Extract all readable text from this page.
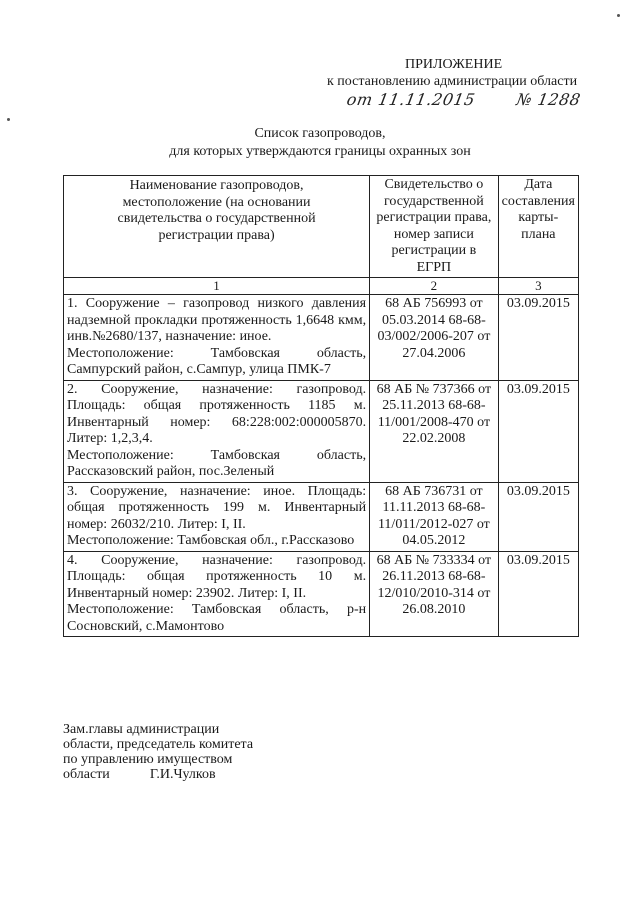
ПРИЛОЖЕНИЕ
к постановлению администрации области
от 11.11.2015 № 1288
Список газопроводов,
для которых утверждаются границы охранных зон
Наименование газопроводов, местоположение (на основании свидетельства о государственной регистрации права)	Свидетельство о государственной регистрации права, номер записи регистрации в ЕГРП	Дата составления карты-плана
1	2	3

1. Сооружение – газопровод низкого давления надземной прокладки протяженность 1,6648 кмм, инв.№2680/137, назначение: иное.
Местоположение: Тамбовская область, Сампурский район, с.Сампур, улица ПМК-7	68 АБ 756993 от 05.03.2014 68-68-03/002/2006-207 от 27.04.2006	03.09.2015

2. Сооружение, назначение: газопровод. Площадь: общая протяженность 1185 м. Инвентарный номер: 68:228:002:000005870. Литер: 1,2,3,4.
Местоположение: Тамбовская область, Рассказовский район, пос.Зеленый	68 АБ № 737366 от 25.11.2013 68-68-11/001/2008-470 от 22.02.2008	03.09.2015

3. Сооружение, назначение: иное. Площадь: общая протяженность 199 м. Инвентарный номер: 26032/210. Литер: I, II.
Местоположение: Тамбовская обл., г.Рассказово	68 АБ 736731 от 11.11.2013 68-68-11/011/2012-027 от 04.05.2012	03.09.2015

4. Сооружение, назначение: газопровод. Площадь: общая протяженность 10 м. Инвентарный номер: 23902. Литер: I, II.
Местоположение: Тамбовская область, р-н Сосновский, с.Мамонтово	68 АБ № 733334 от 26.11.2013 68-68-12/010/2010-314 от 26.08.2010	03.09.2015
Зам.главы администрации
области, председатель комитета
по управлению имуществом
области	Г.И.Чулков
